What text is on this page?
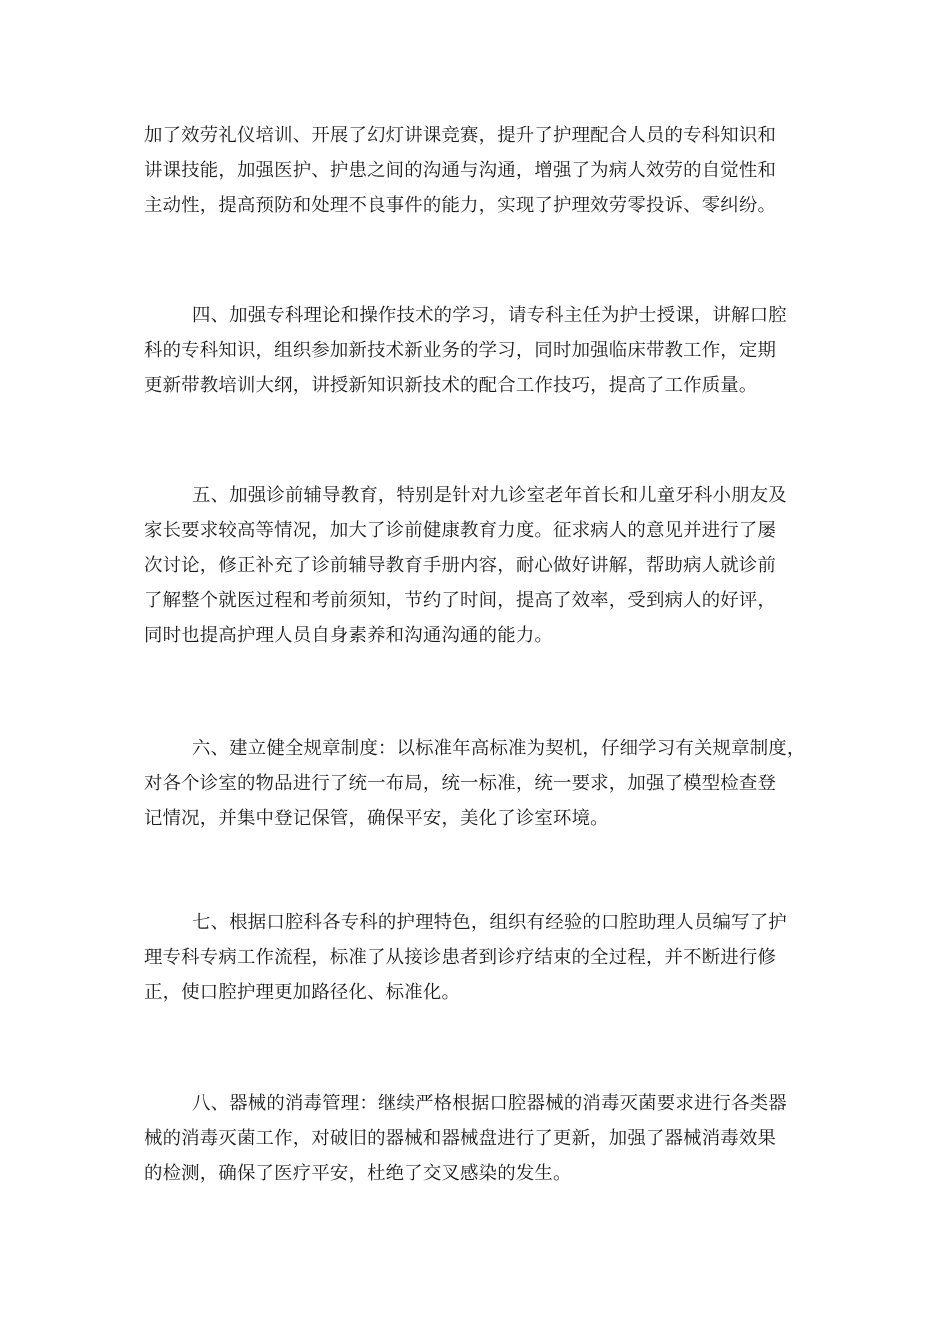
加了效劳礼仪培训、开展了幻灯讲课竞赛，提升了护理配合人员的专科知识和
讲课技能，加强医护、护患之间的沟通与沟通，增强了为病人效劳的自觉性和
主动性，提高预防和处理不良事件的能力，实现了护理效劳零投诉、零纠纷。
四、加强专科理论和操作技术的学习，请专科主任为护士授课，讲解口腔
科的专科知识，组织参加新技术新业务的学习，同时加强临床带教工作，定期
更新带教培训大纲，讲授新知识新技术的配合工作技巧，提高了工作质量。
五、加强诊前辅导教育，特别是针对九诊室老年首长和儿童牙科小朋友及
家长要求较高等情况，加大了诊前健康教育力度。征求病人的意见并进行了屡
次讨论，修正补充了诊前辅导教育手册内容，耐心做好讲解，帮助病人就诊前
了解整个就医过程和考前须知，节约了时间，提高了效率，受到病人的好评，
同时也提高护理人员自身素养和沟通沟通的能力。
六、建立健全规章制度：以标准年高标准为契机，仔细学习有关规章制度，
对各个诊室的物品进行了统一布局，统一标准，统一要求，加强了模型检查登
记情况，并集中登记保管，确保平安，美化了诊室环境。
七、根据口腔科各专科的护理特色，组织有经验的口腔助理人员编写了护
理专科专病工作流程，标准了从接诊患者到诊疗结束的全过程，并不断进行修
正，使口腔护理更加路径化、标准化。
八、器械的消毒管理：继续严格根据口腔器械的消毒灭菌要求进行各类器
械的消毒灭菌工作，对破旧的器械和器械盘进行了更新，加强了器械消毒效果
的检测，确保了医疗平安，杜绝了交叉感染的发生。
